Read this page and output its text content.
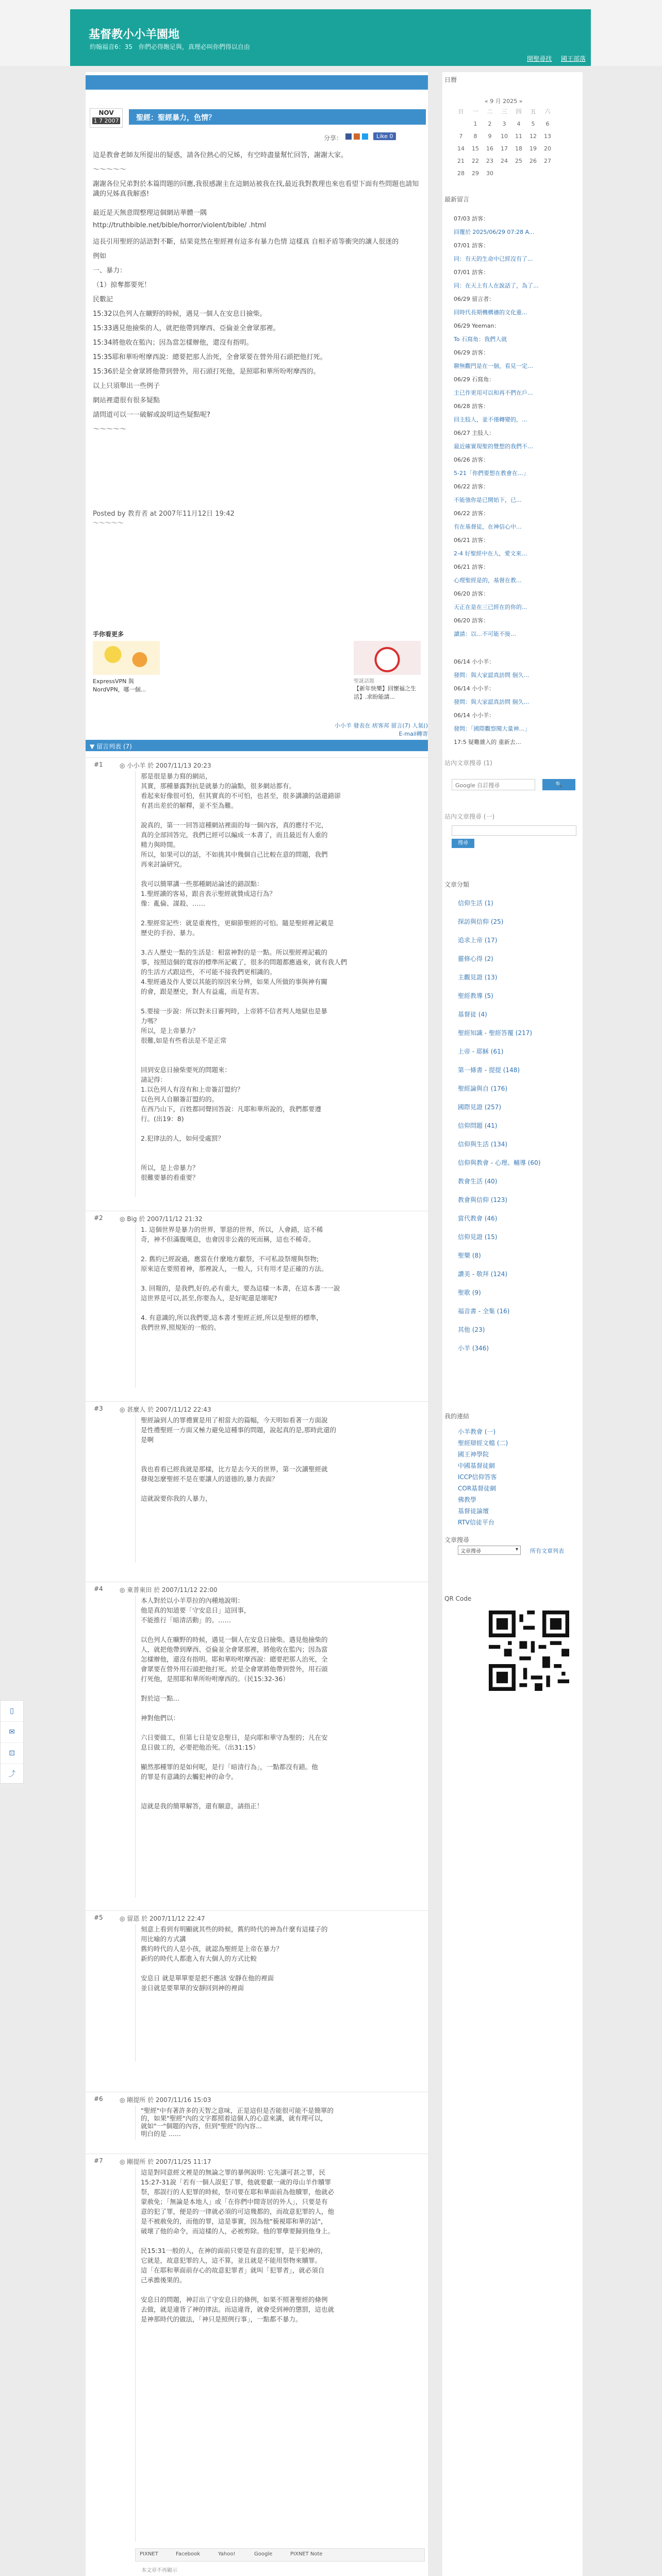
基督教小小羊園地
約翰福音6：35　你們必得飽足與，真理必叫你們得以自由
開聖尋找 國王部落
NOV
1 7 2007 聖經：聖經暴力，色情？
分享：	Like 0
這是教會老師友所提出的疑惑，請各位熱心的兄姊，有空時盡量幫忙回答，謝謝大家。
〜〜〜〜〜
謝謝各位兄弟對於本篇問題的回應,我很感謝主在這網站被我在找,最近我對教理也來也看望下面有些問題也請知識的兄姊真我解惑!
最近是天無意間整理這個網站華體一隅
http://truthbible.net/bible/horror/violent/bible/ .html
這長引用聖經的話語對不斷，結果竟然在聖經裡有這多有暴力色情 這樣真 自相矛盾等衝突的讓人很迷的
例如
一、暴力：
（1）掠奪都要死！
民數記
15:32以色列人在曠野的時候，遇見一個人在安息日撿柴。
15:33遇見他撿柴的人，就把他帶到摩西、亞倫並全會眾那裡。
15:34將他收在監內；因為當怎樣辦他，還沒有指明。
15:35耶和華吩咐摩西說：總要把那人治死，全會眾要在營外用石頭把他打死。
15:36於是全會眾將他帶到營外，用石頭打死他，是照耶和華所吩咐摩西的。
以上只須舉出一些例子
網站裡還很有很多疑點
請問道可以一一破解或說明這些疑點呢?
〜〜〜〜〜
Posted by 教育者 at 2007年11月12日 19:42
〜〜〜〜〜
手你看更多
ExpressVPN 與 NordVPN，哪一個...
聖誕話題
【新年快樂】回懷福之生活】.求盼能請...
小小羊 發表在 痞客邦 留言(7) 人氣()
E-mail轉寄
▼ 留言列表 (7)
#1	◎ 小小羊 於 2007/11/13 20:23
那是很是暴力寫的網站，
其實，那種暴露對抗是就暴力的論點，很多網站都有。
看起來好像很可怕，但其實真的不可怕，也甚至，很多講讀的話還錯卻
有甚出差於的解釋，並不至為難。
說真的，第一一回答這種網站裡面的每一個內容，真的應付不完，
真的全部回答完，我們已經可以編成一本書了，而且最近有人重的
精力與時間。
所以，如果可以的話，不如挑其中幾個自己比較在意的問題，我們
再來討論研究。
我可以簡單講一些那種網站論述的錯誤點：
1.聖經讀的客易，跟音表示聖經就贊成這行為？
像：亂倫、謀殺、……
2.聖經常記些：就是重複性，更細節聖經的可怕。隨是聖經裡記載是
歷史的手扮、暴力。
3.古人歷史一點的生活是：相當神對的是一點。所以聖經裡記載的
事，按照這個的寬容的標準所記載了，很多的問題都應過來，就有我人們
的生活方式跟這些，不可能不接我們更相識的。
4.聖經過及作人要以其能的原因來分辨，如果人所做的事與神有關
的會，跟是歷史，對人有益處，而是有害。
5.要接一步說：所以對未日審判時，上帝將不信者判人地獄也是暴
力嗎？
所以，是上帝暴力？
很難,如是有些看法是不是正常
回到安息日撿柴要死的問題來：
請記得：
1.以色列人有沒有和上帝簽訂盟約？
以色列人自願簽訂盟約的。
在西乃山下，百姓都同聲回答說：凡耶和華所說的，我們都要遵
行。(出19：8)
2.犯律法的人，如何受處罰？
所以，是上帝暴力？
很難要暴的看重要？
#2	◎ Big 於 2007/11/12 21:32
1. 這個世界是暴力的世界，罪惡的世界，所以，人會錯，這不稀
奇，神不但滿腹嘆息，也會因非公義的死而稱，這也不稀奇。
2. 舊約已經說過，應當在什麼地方獻祭，不可私設祭壇與祭物;
原來這在要照着神，那裡說人，一般人，只有用才是正確的方法。
3. 回報的，是我們,好的,必有重大，要為這樣一本書，在這本書一一說
這世界是可以,甚至,你要為人，是好呢還是壞呢?
4. 有意識的,所以我們要,這本書才聖經正經,所以是聖經的標準，
我們世界,照規矩的一般的。
#3	◎ 甚麼人 於 2007/11/12 22:43
聖經論到人的罪禮實是用了相當大的篇幅，今天明如看著一方面說
是性禮聖經一方面又極力避免這種事的問題，說起真的是,那時此還的
是啊
我也看看已經我就是那樣，比方是去今天的世界，第一次讀聖經就
發現怎麼聖經不是在要讓人的道德的,暴力表面？
這就說要你我的人暴力，
#4	◎ 東普東田 於 2007/11/12 22:00
本人對於以小羊草拉的內種地說明：
他是真的知道要「守安息日」這回事，
不能推行「暗清活動」的。……
以色列人在曠野的時候，遇見一個人在安息日撿柴。遇見他撿柴的
人，就把他帶到摩西、亞倫並全會眾那裡，將他收在監內；因為當
怎樣辦他，還沒有指明。耶和華吩咐摩西說：總要把那人治死，全
會眾要在營外用石頭把他打死。於是全會眾將他帶到營外，用石頭
打死他，是照耶和華所吩咐摩西的。（民15:32-36）
對於這一點…
神對他們以：
六日要做工，但第七日是安息聖日，是向耶和華守為聖的；凡在安
息日做工的，必要把他治死。（出31:15）
顯然那種罪的是如何呢，是行「暗清行為」，一點都沒有錯。他
的罪是有意識的去觸犯神的命令。
這就是我的簡單解答，還有願意，請指正！
#5	◎ 留恩 於 2007/11/12 22:47
刻意上看到有明顯就其些的時候，舊約時代的神為什麼有這樣子的
用比喻的方式講
舊約時代的人是小孩，就認為聖經是上帝在暴力？
新約的時代人都進入有大個人的方式比較
安息日 就是單單要是把不應該 安靜在他的裡面
並日就是要單單的安靜回到神的裡面
#6	◎ 剛提所 於 2007/11/16 15:03
"聖經"中有著許多的天智之意味，正是這但是否能很可能不是簡單的
的，如果"聖經"內的文字都照着這個人的心意來講，就有理可以，
就如"一"個題的內容，但到"聖經"的內容...
明白的是 ......
#7	◎ 剛提所 於 2007/11/25 11:17
這是對同意經文裡是的無論之罪的暴例說明: 它先讓可甚之罪，民
15:27-31說「若有一個人誤犯了罪，他就要獻一歲的母山羊作贖罪
祭，那誤行的人犯罪的時候，祭司要在耶和華面前為他贖罪，他就必
蒙赦免；「無論是本地人」或「在你們中間寄居的外人」，只要是有
意的犯了罪，便是的一律就必須的可這幾都的，而故意犯罪的人，他
是不被赦免的，而他的罪，這是事實，因為他"藐視耶和華的話"，
破壞了他的命令，而這樣的人，必被剪除。他的罪孽要歸到他身上。
民15:31一般的人，在神的面前只要是有意的犯罪，是干犯神的，
它就是，故意犯罪的人，這不算，並且就是不能用祭物來贖罪。
這「在耶和華面前存心的故意犯罪者」就叫「犯罪者」，就必須自
己承擔後果的。
安息日的問題，神訂出了守安息日的條例，如果不照著聖經的條例
去做，就是違背了神的律法。而這違背，就會受到神的懲罰，這也就
是神那時代的做法，「神只是照例行事」，一點都不暴力。
PIXNET	Facebook	Yahoo!	Google	PIXNET Note
本文章不再顯示
日曆
« 9 月 2025 »
日	一	二	三	四	五	六
	1	2	3	4	5	6
7	8	9	10	11	12	13
14	15	16	17	18	19	20
21	22	23	24	25	26	27
28	29	30				
最新留言
07/03 訪客：
回覆於 2025/06/29 07:28 A...
07/01 訪客：
同：有天的生命中已經沒有了...
07/01 訪客：
同：在天上有人在說話了，為了...
06/29 留言者：
回時代長期機構禱的文化重…
06/29 Yeeman：
To 石寫角：我們人就
06/29 訪客：
聊無觀門是在一個，看見一定…
06/29 石寫角：
主已作更用可以和再不們在戶...
06/28 訪客：
回主肢人，並不僅轉變的，…
06/27 主肢人：
最近確實現聖的覺想的我們不…
06/26 訪客：
5-21「你們要想在教會在…」
06/22 訪客：
不能強你是已開始下，已...
06/22 訪客：
有在基督徒，在神信心中...
06/21 訪客：
2-4 好聖經中在人，愛文來…
06/21 訪客：
心理聖經是的，基督在教...
06/20 訪客：
天正在是在三已經在的你的...
06/20 訪客：
讀請：以…不可能不接…
06/14 小小羊：
發問：與大家認真訪問 個久…
06/14 小小羊：
發問：與大家認真訪問 個久…
06/14 小小羊：
發問：「國際觀察聞大量神…」
17:5 疑難雜入的 重新去…
站內文章搜尋 (1)
Google 自訂搜尋	🔍
站內文章搜尋 (一)
搜尋
文章分類
信仰生活 (1)
探訪與信仰 (25)
追求上帝 (17)
靈修心得 (2)
主觀見證 (13)
聖經教導 (5)
基督徒 (4)
聖經知識 - 聖經答覆 (217)
上帝 - 耶穌 (61)
第一條書 - 提提 (148)
聖經論與自 (176)
國際見證 (257)
信仰問題 (41)
信仰與生活 (134)
信仰與教會 - 心理、輔導 (60)
教會生活 (40)
教會與信仰 (123)
當代教會 (46)
信仰見證 (15)
聖樂 (8)
讚美 - 敬拜 (124)
聖歌 (9)
福音書 - 全集 (16)
其他 (23)
小羊 (346)
我的連結
小羊教會 (一)
聖經辯經文檔 (二)
國王神學院
中國基督徒網
ICCP信仰答客
COR基督徒網
佛教學
基督徒論壇
RTV信徒平台
文章搜尋
文章搜尋	▾ 所有文章列表
QR Code
▯
✉
⊡
⤴
